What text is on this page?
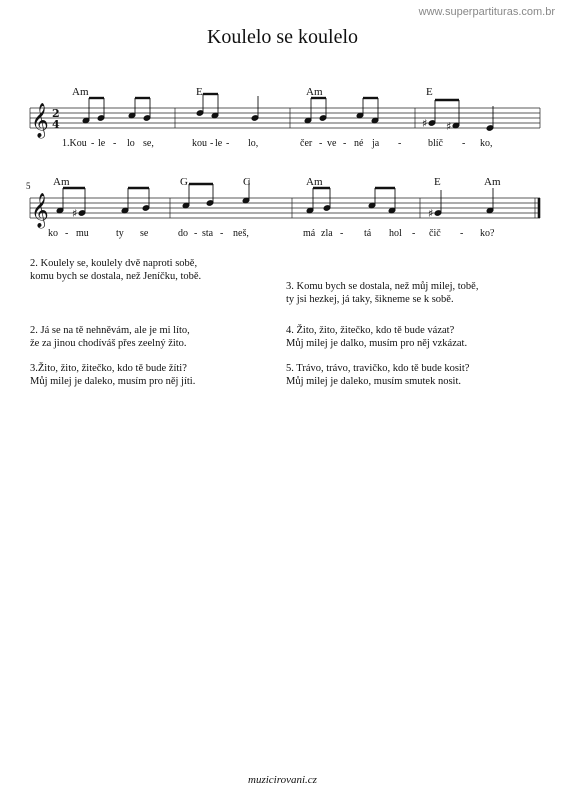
www.superpartituras.com.br
Koulelo se koulelo
Am	E	Am	E
𝄞 2
4	♯ ♯
1.Kou - le - lo se,	kou - le - lo,	čer - ve - né ja -	blíč - ko,
5 Am	G	C	Am	E	Am
𝄞 ♯	♯
ko - mu	ty se	do - sta - neš,	má zla - tá hol - čič - ko?
2. Koulely se, koulely dvě naproti sobě,
komu bych se dostala, než Jeníčku, tobě.
3. Komu bych se dostala, než můj milej, tobě,
ty jsi hezkej, já taky, šikneme se k sobě.
2. Já se na tě nehněvám, ale je mi líto,
že za jinou chodíváš přes zeelný žito.
4. Žito, žito, žitečko, kdo tě bude vázat?
Můj milej je dalko, musím pro něj vzkázat.
3.Žito, žito, žitečko, kdo tě bude žíti?
Můj milej je daleko, musím pro něj jíti.
5. Trávo, trávo, travičko, kdo tě bude kosit?
Můj milej je daleko, musím smutek nosit.
muzicirovani.cz
